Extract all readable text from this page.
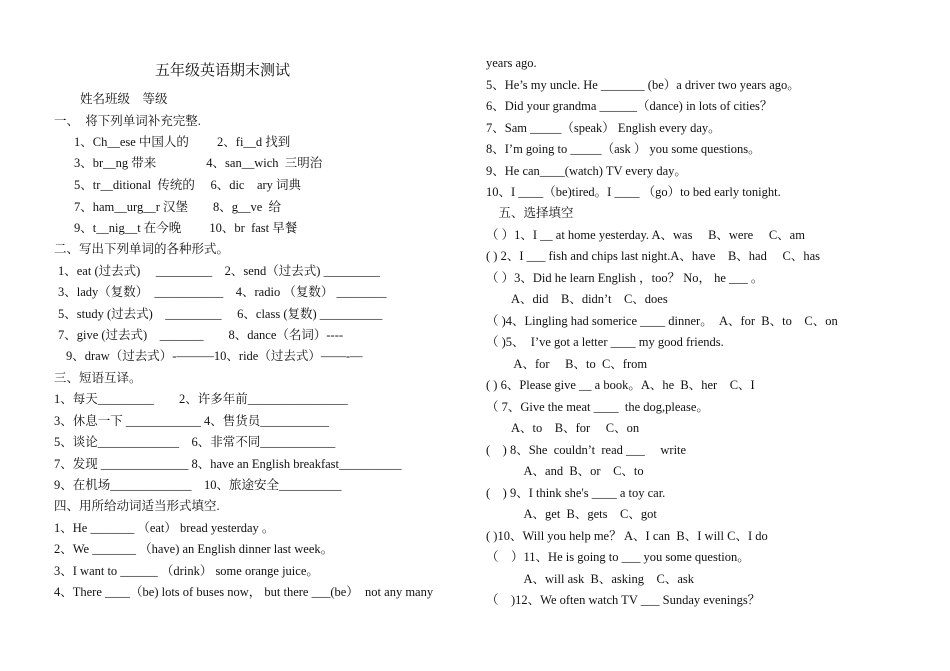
五年级英语期末测试
姓名班级　等级
一、　将下列单词补充完整.
1、Ch__ese 中国人的　　 2、fi__d 找到
3、br__ng 带来　　　　4、san__wich  三明治
5、tr__ditional  传统的　 6、dic　ary 词典
7、ham__urg__r 汉堡　　8、g__ve  给
9、t__nig__t 在今晚　　 10、br  fast 早餐
二、写出下列单词的各种形式。
1、eat (过去式)　 _________　2、send（过去式) _________
3、lady（复数）　___________　4、radio （复数） ________
5、study (过去式)　_________　 6、class (复数) __________
7、give (过去式)　_______　　8、dance（名词）----
9、draw（过去式）-———10、ride（过去式）——-—
三、短语互译。
1、每天_________　　2、许多年前________________
3、休息一下 ____________ 4、售货员___________
5、谈论_____________　6、非常不同____________
7、发现 ______________ 8、have an English breakfast__________
9、在机场_____________　10、旅途安全__________
四、用所给动词适当形式填空.
1、He _______ （eat） bread yesterday 。
2、We _______ （have) an English dinner last week。
3、I want to ______ （drink） some orange juice。
4、There ____（be) lots of buses now， but there ___(be）  not any many
years ago.
5、He’s my uncle. He _______ (be）a driver two years ago。
6、Did your grandma ______（dance) in lots of cities？
7、Sam _____（speak） English every day。
8、I’m going to _____（ask ） you some questions。
9、He can____(watch) TV every day。
10、I ____（be)tired。I ____ （go）to bed early tonight.
　五、选择填空
（ ）1、I __ at home yesterday. A、was　 B、were　 C、am
( ) 2、I ___ fish and chips last night.A、have　B、had　 C、has
（ ）3、Did he learn English ，too？ No， he ___ 。
　　A、did　B、didn’t　C、does
（ )4、Lingling had somerice ____ dinner。　A、for  B、to　C、on
（ )5、　I’ve got a letter ____ my good friends.
　　 A、for　 B、to  C、from
( ) 6、Please give __ a book。A、he  B、her　C、I
（ 7、Give the meat ____  the dog,please。
　　A、to　B、for　 C、on
(　) 8、She  couldn’t  read ___　 write
　　　A、and  B、or　C、to
(　) 9、I think she's ____ a toy car.
　　　A、get  B、gets　C、got
( )10、Will you help me？ A、I can  B、I will C、I do
（　）11、He is going to ___ you some question。
　　　A、will ask  B、asking　C、ask
（　)12、We often watch TV ___ Sunday evenings？
